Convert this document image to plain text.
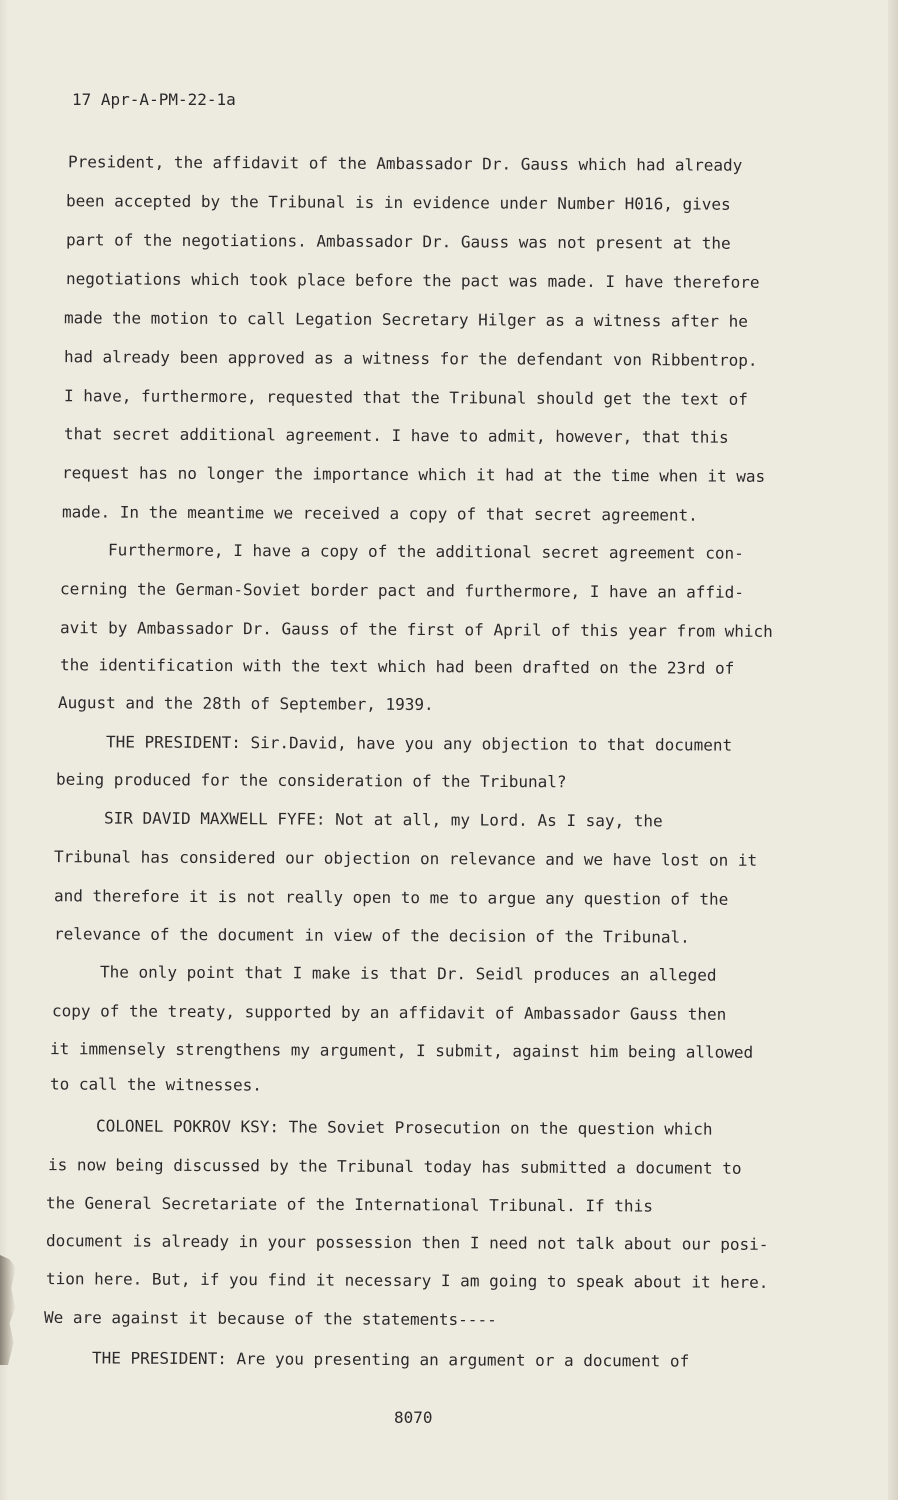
17 Apr-A-PM-22-1a
President, the affidavit of the Ambassador Dr. Gauss which had already
been accepted by the Tribunal is in evidence under Number H016, gives
part of the negotiations. Ambassador Dr. Gauss was not present at the
negotiations which took place before the pact was made. I have therefore
made the motion to call Legation Secretary Hilger as a witness after he
had already been approved as a witness for the defendant von Ribbentrop.
I have, furthermore, requested that the Tribunal should get the text of
that secret additional agreement. I have to admit, however, that this
request has no longer the importance which it had at the time when it was
made. In the meantime we received a copy of that secret agreement.
Furthermore, I have a copy of the additional secret agreement con-
cerning the German-Soviet border pact and furthermore, I have an affid-
avit by Ambassador Dr. Gauss of the first of April of this year from which
the identification with the text which had been drafted on the 23rd of
August and the 28th of September, 1939.
THE PRESIDENT: Sir.David, have you any objection to that document
being produced for the consideration of the Tribunal?
SIR DAVID MAXWELL FYFE: Not at all, my Lord. As I say, the
Tribunal has considered our objection on relevance and we have lost on it
and therefore it is not really open to me to argue any question of the
relevance of the document in view of the decision of the Tribunal.
The only point that I make is that Dr. Seidl produces an alleged
copy of the treaty, supported by an affidavit of Ambassador Gauss then
it immensely strengthens my argument, I submit, against him being allowed
to call the witnesses.
COLONEL POKROV KSY: The Soviet Prosecution on the question which
is now being discussed by the Tribunal today has submitted a document to
the General Secretariate of the International Tribunal. If this
document is already in your possession then I need not talk about our posi-
tion here. But, if you find it necessary I am going to speak about it here.
We are against it because of the statements----
THE PRESIDENT: Are you presenting an argument or a document of
8070
